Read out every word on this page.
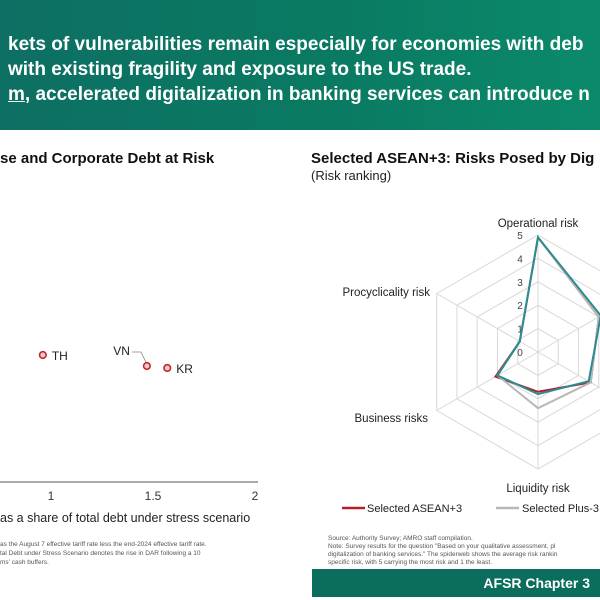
kets of vulnerabilities remain especially for economies with deb
with existing fragility and exposure to the US trade.
m, accelerated digitalization in banking services can introduce n
se and Corporate Debt at Risk
1	1.5	2
TH	VN
KR
as a share of total debt under stress scenario
as the August 7 effective tariff rate less the end-2024 effective tariff rate.
tal Debt under Stress Scenario denotes the rise in DAR following a 10
ms' cash buffers.
Selected ASEAN+3: Risks Posed by Dig
(Risk ranking)
0
1
2
3
4
5
Operational risk
Liquidity risk
Business risks
Procyclicality risk
Selected ASEAN+3	Selected Plus-3
Source: Authority Survey; AMRO staff compilation.
Note: Survey results for the question "Based on your qualitative assessment, pl
digitalization of banking services." The spiderweb shows the average risk rankin
specific risk, with 5 carrying the most risk and 1 the least.
AFSR Chapter 3
